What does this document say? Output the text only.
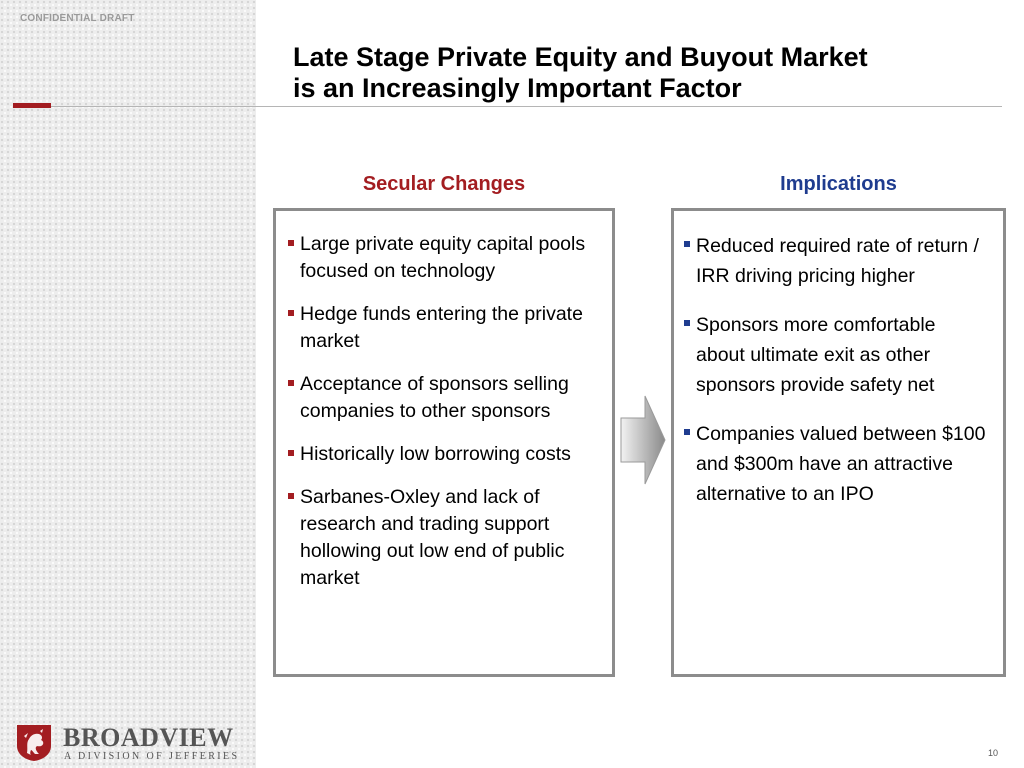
CONFIDENTIAL DRAFT
Late Stage Private Equity and Buyout Market
is an Increasingly Important Factor
Secular Changes	Implications
Large private equity capital pools focused on technology
Hedge funds entering the private market
Acceptance of sponsors selling companies to other sponsors
Historically low borrowing costs
Sarbanes-Oxley and lack of research and trading support hollowing out low end of public market
Reduced required rate of return / IRR driving pricing higher
Sponsors more comfortable about ultimate exit as other sponsors provide safety net
Companies valued between $100 and $300m have an attractive alternative to an IPO
BROADVIEW
A DIVISION OF JEFFERIES	10
